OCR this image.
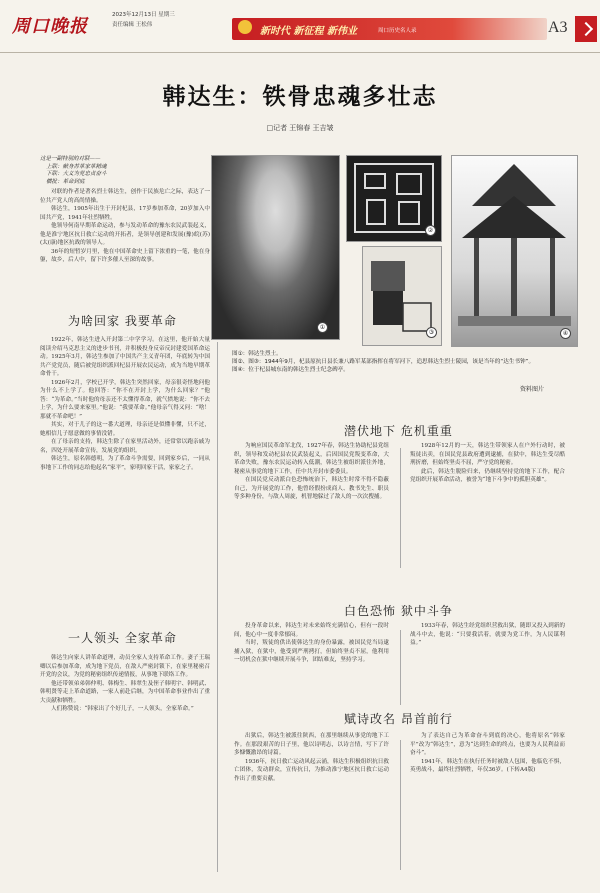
周口晚报
2023年12月13日 星期三
责任编辑 王松伟
新时代 新征程 新伟业	周口历史名人录	A3
韩达生：铁骨忠魂多壮志
□记者 王锦春 王吉皱
这是一副特别的对联——
上联：献身苏革家革精魂
下联：大义为党忠贞奋斗
横批：革命到底

对联的作者是著名烈士韩达生，创作于民族危亡之际，表达了一位共产党人的高尚情操。

韩达生，1905年出生于开封杞县，17岁参加革命，20岁加入中国共产党，1941年壮烈牺牲。

他领导何南早期革命运动，参与发动革命的豫东农民武装起义，他是淮宁地区抗日救亡运动的开拓者，是领导创建和发展(豫)皖(苏)(太(康)地区抗战的领导人。

36年的短暂岁月里，他在中国革命史上留下浓重的一笔，他在身躯，故乡，后人中，留下许多催人至深的故事。

为啥回家 我要革命

1922年，韩达生进入开封第二中学学习。在这里，他开始大量阅读介绍马克思主义的进步书刊，并积极投身反帝反封建爱国革命运动。1925年3月，韩达生参加了中国共产主义青年团，年底转为中国共产党党员，随后被党组织派回杞县开展农民运动，成为当地早期革命骨干。

1926年2月，学校已开学，韩达生突然回家，母亲很奇怪地问他为什么不上学了。他回答：“你不在开封上学，为什么回家？”他答：“为革命。”当时他的母亲还不太懂得革命，就气愤地说：“你不去上学，为什么要来家里。”他说：“我要革命。”他母亲气得又问：“啥！那就不革命吧！”

其实，对于儿子的这一番大道理，母亲还是似懂非懂，只不过，她相信儿子愿意做的事情没错。

在了母亲的支持，韩达生除了在家里活动外，还常常以跑亲戚为名，四处开展革命宣传，发展党的组织。

韩达生，原名韩德明，为了革命斗争需要，回到家乡后，一同从事地下工作的同志给他起名“家平”，家明回家干活，家家之子。

一人领头 全家革命

韩达生向家人讲革命道理，动员全家人支持革命工作。妻子王瑞卿以后参加革命，成为地下党员，在敌人严密封锁下，在家里秘密召开党的会议，为党的秘密组织传递情报，从事地下联络工作。

他还带领弟弟韩仲明、韩梅生、韩翠生及侄子韩明宇、韩明武、韩明贤等走上革命道路，一家人前赴后继，为中国革命事业作出了重大贡献和牺牲。

人们称赞说：“韩家出了个好儿子，一人领头，全家革命。”

①
②
③	④
图①：韩达生烈士。
图②、图③：1944年9月，杞县原抗日县长兼八路军某部指挥在将军河下，追思韩达生烈士陵园，该是当年的“达生书钟”。
图④：位于杞县城东南的韩达生烈士纪念碑亭。
资料图片
潜伏地下 危机重重

为响应国民革命军北伐，1927年春，韩达生协助杞县党组织，领导和发动杞县农民武装起义，后因国民党叛变革命，大革命失败，豫东农民运动转入低潮，韩达生被组织派往外地，秘密从事党的地下工作，任中共开封市委委员。

在国民党反动派白色恐怖统治下，韩达生时常不得不隐蔽自己，为开展党的工作，他曾经假扮成商人、教书先生、职员等多种身份，与敌人周旋，机智地躲过了敌人的一次次搜捕。

1928年12月的一天，韩达生带领家人在户外行动时，被叛徒出卖，在国民党县政府遭到逮捕，在狱中，韩达生受尽酷刑折磨，但始终坚贞不屈，严守党的秘密。

此后，韩达生脱险归来，仍继续坚持党的地下工作，配合党组织开展革命活动，被誉为“地下斗争中的孤胆英雄”。

白色恐怖 狱中斗争

投身革命以来，韩达生对未来始终充满信心，但有一段时间，他心中一度非常郁闷。

当时，叛徒的供出使韩达生的身份暴露，被国民党当局逮捕入狱，在狱中，他受到严刑拷打，但始终坚贞不屈，他利用一切机会在狱中继续开展斗争，团结难友，坚持学习。

1933年春，韩达生经党组织营救出狱，随即又投入到新的战斗中去，他说：“只要我活着，就要为党工作，为人民谋利益。”

赋诗改名 昂首前行

出狱后，韩达生被派往陕西，在那里继续从事党的地下工作。在那段艰苦的日子里，他以诗明志，以诗言情，写下了许多慷慨激昂的诗篇。

1936年，抗日救亡运动风起云涌，韩达生积极组织抗日救亡团体，发动群众，宣传抗日，为推动淮宁地区抗日救亡运动作出了重要贡献。

为了表达自己为革命奋斗到底的决心，他将原名“韩家平”改为“韩达生”，意为“达到生命的终点，也要为人民利益而奋斗”。

1941年，韩达生在执行任务时被敌人包围，他临危不惧，英勇战斗，最终壮烈牺牲，年仅36岁。(下转A4版)
